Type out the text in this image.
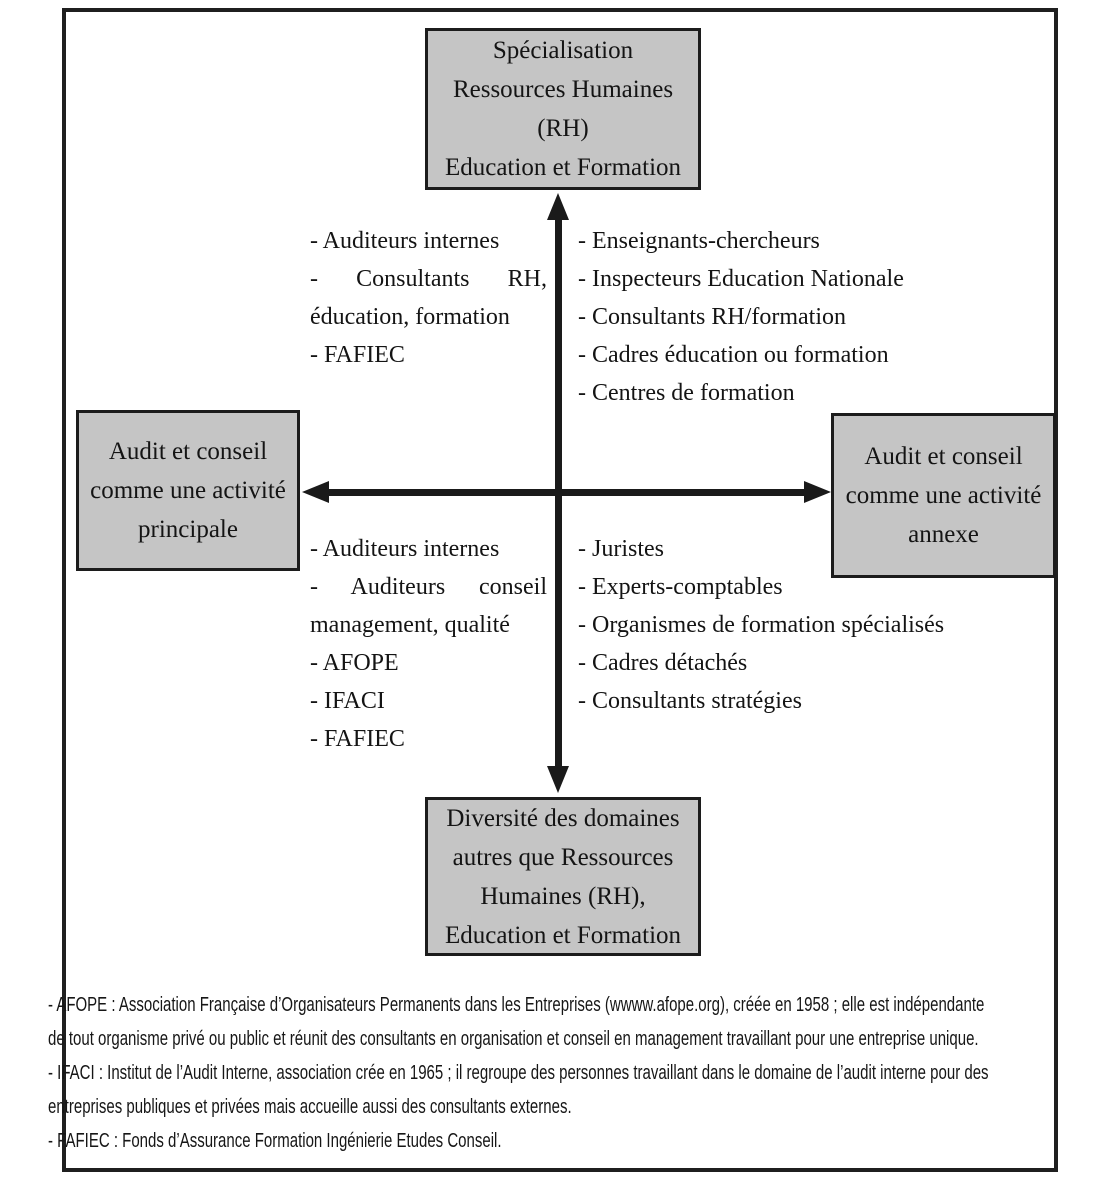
Spécialisation
Ressources Humaines
(RH)
Education et Formation
Audit et conseil
comme une activité
principale
Audit et conseil
comme une activité
annexe
Diversité des domaines
autres que Ressources
Humaines (RH),
Education et Formation
- Auditeurs internes
- Consultants RH, éducation, formation
- FAFIEC
- Enseignants-chercheurs
- Inspecteurs Education Nationale
- Consultants RH/formation
- Cadres éducation ou formation
- Centres de formation
- Auditeurs internes
- Auditeurs conseil management, qualité
- AFOPE
- IFACI
- FAFIEC
- Juristes
- Experts-comptables
- Organismes de formation spécialisés
- Cadres détachés
- Consultants stratégies
- AFOPE : Association Française d’Organisateurs Permanents dans les Entreprises (wwww.afope.org), créée en 1958 ; elle est indépendante
de tout organisme privé ou public et réunit des consultants en organisation et conseil en management travaillant pour une entreprise unique.
- IFACI : Institut de l’Audit Interne, association crée en 1965 ; il regroupe des personnes travaillant dans le domaine de l’audit interne pour des
entreprises publiques et privées mais accueille aussi des consultants externes.
- FAFIEC : Fonds d’Assurance Formation Ingénierie Etudes Conseil.
